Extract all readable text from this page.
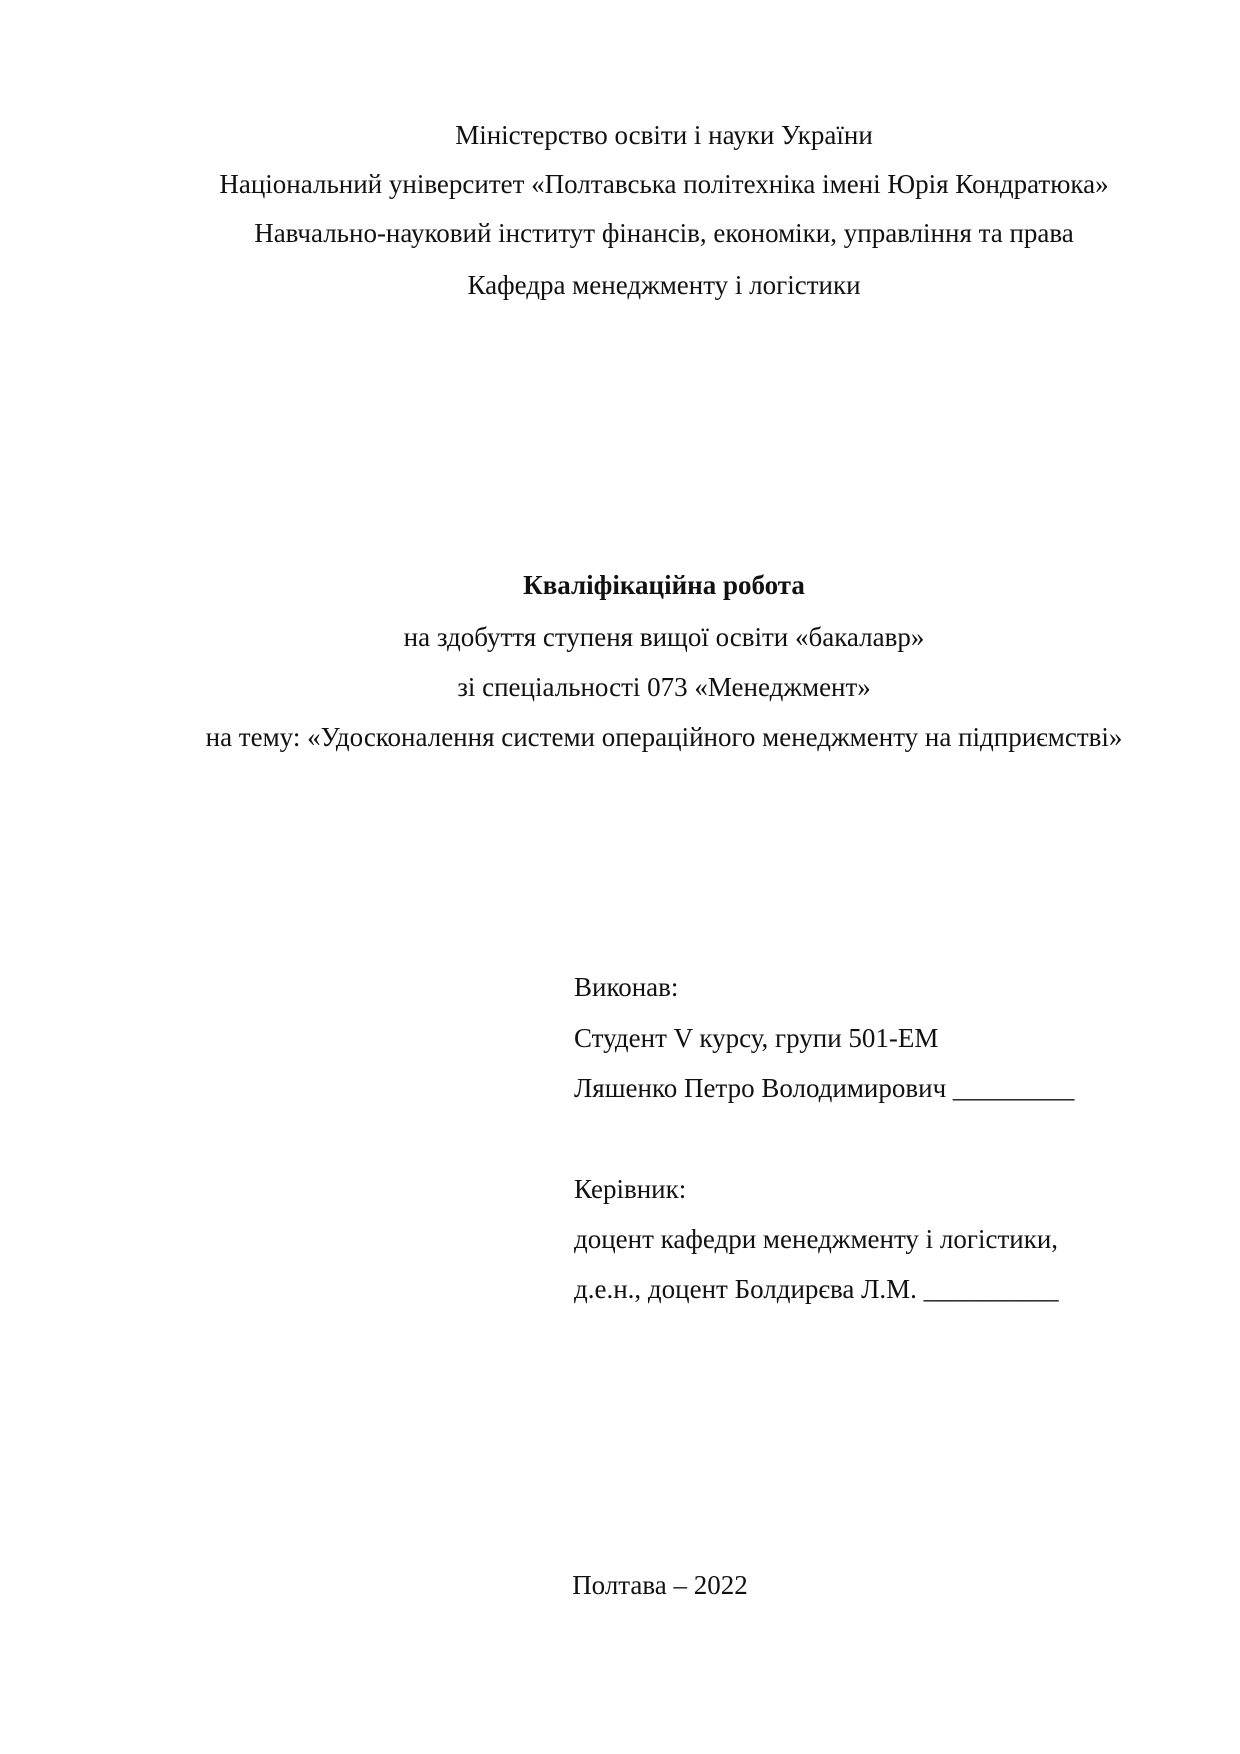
Міністерство освіти і науки України
Національний університет «Полтавська політехніка імені Юрія Кондратюка»
Навчально-науковий інститут фінансів, економіки, управління та права
Кафедра менеджменту і логістики
Кваліфікаційна робота
на здобуття ступеня вищої освіти «бакалавр»
зі спеціальності 073 «Менеджмент»
на тему: «Удосконалення системи операційного менеджменту на підприємстві»
Виконав:
Студент V курсу, групи 501-ЕМ
Ляшенко Петро Володимирович _________
Керівник:
доцент кафедри менеджменту і логістики,
д.е.н., доцент Болдирєва Л.М. __________
Полтава – 2022
